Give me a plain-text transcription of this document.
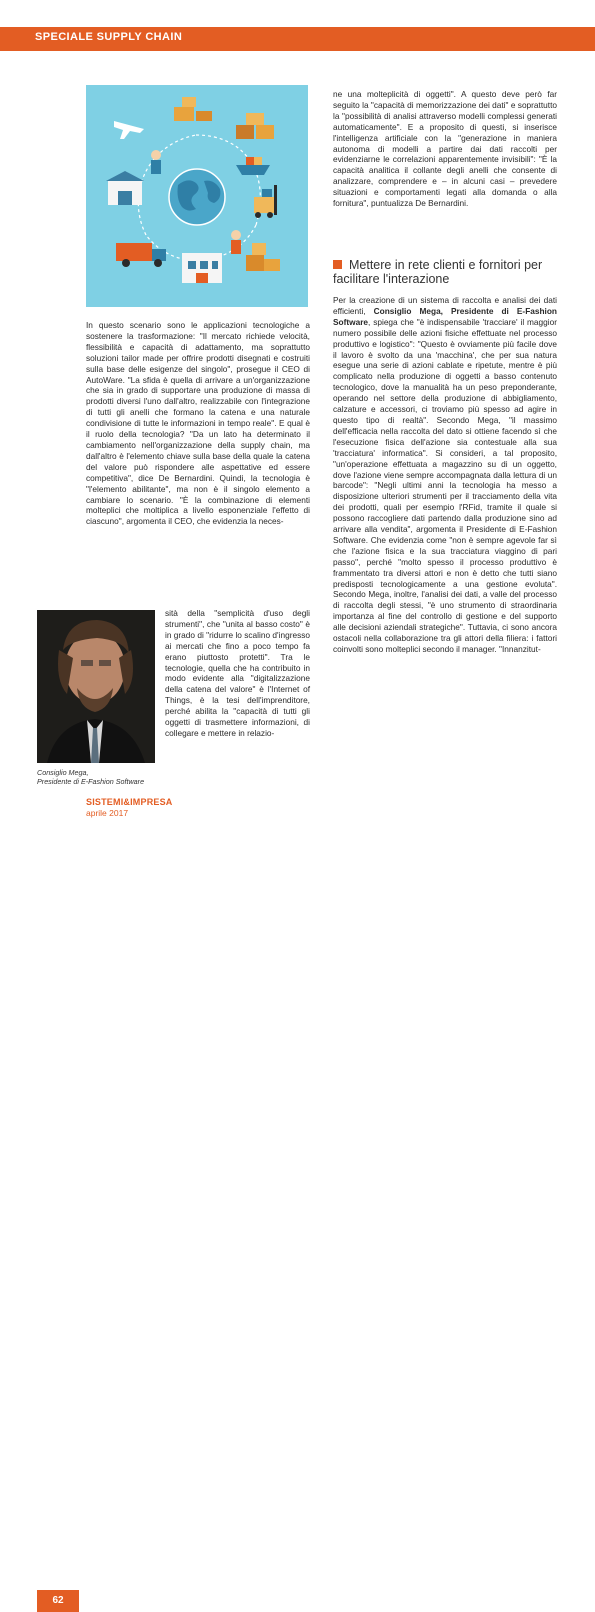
SPECIALE SUPPLY CHAIN

In questo scenario sono le applicazioni tecnologiche a sostenere la trasformazione: "Il mercato richiede velocità, flessibilità e capacità di adattamento, ma soprattutto soluzioni tailor made per offrire prodotti disegnati e costruiti sulla base delle esigenze del singolo", prosegue il CEO di AutoWare. "La sfida è quella di arrivare a un'organizzazione che sia in grado di supportare una produzione di massa di prodotti diversi l'uno dall'altro, realizzabile con l'integrazione di tutti gli anelli che formano la catena e una naturale condivisione di tutte le informazioni in tempo reale". E qual è il ruolo della tecnologia? "Da un lato ha determinato il cambiamento nell'organizzazione della supply chain, ma dall'altro è l'elemento chiave sulla base della quale la catena del valore può rispondere alle aspettative ed essere competitiva", dice De Bernardini. Quindi, la tecnologia è "l'elemento abilitante", ma non è il singolo elemento a cambiare lo scenario. "È la combinazione di elementi molteplici che moltiplica a livello esponenziale l'effetto di ciascuno", argomenta il CEO, che evidenzia la neces-

Consiglio Mega,
Presidente di E-Fashion Software

sità della "semplicità d'uso degli strumenti", che "unita al basso costo" è in grado di "ridurre lo scalino d'ingresso ai mercati che fino a poco tempo fa erano piuttosto protetti". Tra le tecnologie, quella che ha contribuito in modo evidente alla "digitalizzazione della catena del valore" è l'Internet of Things, è la tesi dell'imprenditore, perché abilita la "capacità di tutti gli oggetti di trasmettere informazioni, di collegare e mettere in relazio-

ne una molteplicità di oggetti". A questo deve però far seguito la "capacità di memorizzazione dei dati" e soprattutto la "possibilità di analisi attraverso modelli complessi generati automaticamente". E a proposito di questi, si inserisce l'intelligenza artificiale con la "generazione in maniera autonoma di modelli a partire dai dati raccolti per evidenziarne le correlazioni apparentemente invisibili": "È la capacità analitica il collante degli anelli che consente di analizzare, comprendere e – in alcuni casi – prevedere situazioni e comportamenti legati alla domanda o alla fornitura", puntualizza De Bernardini.

Mettere in rete clienti e fornitori per facilitare l'interazione

Per la creazione di un sistema di raccolta e analisi dei dati efficienti, Consiglio Mega, Presidente di E-Fashion Software, spiega che "è indispensabile 'tracciare' il maggior numero possibile delle azioni fisiche effettuate nel processo produttivo e logistico": "Questo è ovviamente più facile dove il lavoro è svolto da una 'macchina', che per sua natura esegue una serie di azioni cablate e ripetute, mentre è più complicato nella produzione di oggetti a basso contenuto tecnologico, dove la manualità ha un peso preponderante, operando nel settore della produzione di abbigliamento, calzature e accessori, ci troviamo più spesso ad agire in questo tipo di realtà". Secondo Mega, "il massimo dell'efficacia nella raccolta del dato si ottiene facendo sì che l'esecuzione fisica dell'azione sia contestuale alla sua 'tracciatura' informatica". Si consideri, a tal proposito, "un'operazione effettuata a magazzino su di un oggetto, dove l'azione viene sempre accompagnata dalla lettura di un barcode": "Negli ultimi anni la tecnologia ha messo a disposizione ulteriori strumenti per il tracciamento della vita dei prodotti, quali per esempio l'RFid, tramite il quale si possono raccogliere dati partendo dalla produzione sino ad arrivare alla vendita", argomenta il Presidente di E-Fashion Software. Che evidenzia come "non è sempre agevole far sì che l'azione fisica e la sua tracciatura viaggino di pari passo", perché "molto spesso il processo produttivo è frammentato tra diversi attori e non è detto che tutti siano predisposti tecnologicamente a una gestione evoluta". Secondo Mega, inoltre, l'analisi dei dati, a valle del processo di raccolta degli stessi, "è uno strumento di straordinaria importanza al fine del controllo di gestione e del supporto alle decisioni aziendali strategiche". Tuttavia, ci sono ancora ostacoli nella collaborazione tra gli attori della filiera: i fattori coinvolti sono molteplici secondo il manager. "Innanzitut-

62
SISTEMI&IMPRESA
aprile 2017
